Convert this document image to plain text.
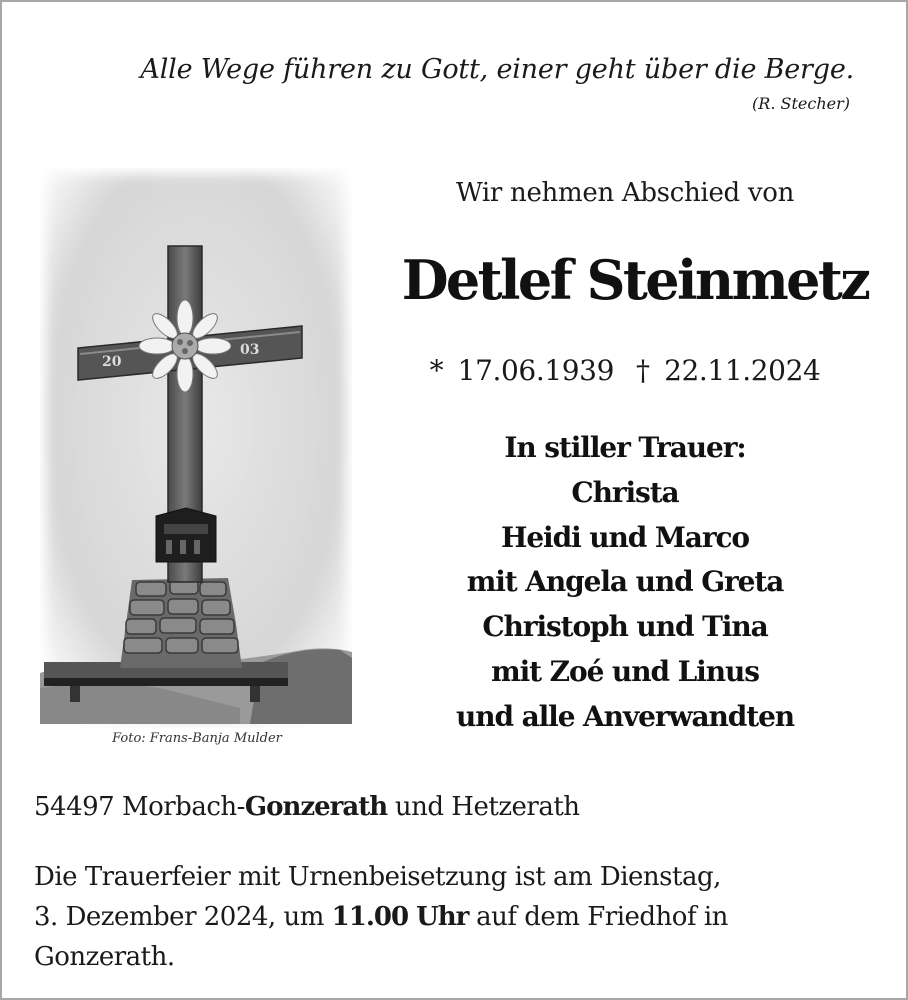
Alle Wege führen zu Gott, einer geht über die Berge.
(R. Stecher)
20
03
Foto: Frans-Banja Mulder
Wir nehmen Abschied von
Detlef Steinmetz
* 17.06.1939 † 22.11.2024
In stiller Trauer:
Christa
Heidi und Marco
mit Angela und Greta
Christoph und Tina
mit Zoé und Linus
und alle Anverwandten
54497 Morbach-Gonzerath und Hetzerath
Die Trauerfeier mit Urnenbeisetzung ist am Dienstag,
3. Dezember 2024, um 11.00 Uhr auf dem Friedhof in
Gonzerath.
